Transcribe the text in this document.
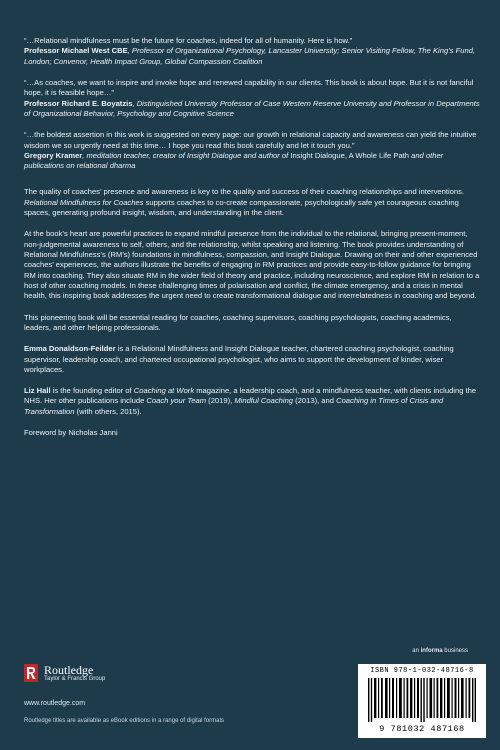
“…Relational mindfulness must be the future for coaches, indeed for all of humanity. Here is how.”

Professor Michael West CBE, Professor of Organizational Psychology, Lancaster University; Senior Visiting Fellow, The King’s Fund, London; Convenor, Health Impact Group, Global Compassion Coalition

“…As coaches, we want to inspire and invoke hope and renewed capability in our clients. This book is about hope. But it is not fanciful hope, it is feasible hope…”

Professor Richard E. Boyatzis, Distinguished University Professor of Case Western Reserve University and Professor in Departments of Organizational Behavior, Psychology and Cognitive Science

“…the boldest assertion in this work is suggested on every page: our growth in relational capacity and awareness can yield the intuitive wisdom we so urgently need at this time… I hope you read this book carefully and let it touch you.”

Gregory Kramer, meditation teacher, creator of Insight Dialogue and author of Insight Dialogue, A Whole Life Path and other publications on relational dharma

The quality of coaches’ presence and awareness is key to the quality and success of their coaching relationships and interventions. Relational Mindfulness for Coaches supports coaches to co-create compassionate, psychologically safe yet courageous coaching spaces, generating profound insight, wisdom, and understanding in the client.

At the book’s heart are powerful practices to expand mindful presence from the individual to the relational, bringing present-moment, non-judgemental awareness to self, others, and the relationship, whilst speaking and listening. The book provides understanding of Relational Mindfulness’s (RM’s) foundations in mindfulness, compassion, and Insight Dialogue. Drawing on their and other experienced coaches’ experiences, the authors illustrate the benefits of engaging in RM practices and provide easy-to-follow guidance for bringing RM into coaching. They also situate RM in the wider field of theory and practice, including neuroscience, and explore RM in relation to a host of other coaching models. In these challenging times of polarisation and conflict, the climate emergency, and a crisis in mental health, this inspiring book addresses the urgent need to create transformational dialogue and interrelatedness in coaching and beyond.

This pioneering book will be essential reading for coaches, coaching supervisors, coaching psychologists, coaching academics, leaders, and other helping professionals.

Emma Donaldson-Feilder is a Relational Mindfulness and Insight Dialogue teacher, chartered coaching psychologist, coaching supervisor, leadership coach, and chartered occupational psychologist, who aims to support the development of kinder, wiser workplaces.

Liz Hall is the founding editor of Coaching at Work magazine, a leadership coach, and a mindfulness teacher, with clients including the NHS. Her other publications include Coach your Team (2019), Mindful Coaching (2013), and Coaching in Times of Crisis and Transformation (with others, 2015).

Foreword by Nicholas Janni

an informa business
Routledge
Taylor & Francis Group
www.routledge.com
Routledge titles are available as eBook editions in a range of digital formats
ISBN 978-1-032-48716-8
9 781032 487168
